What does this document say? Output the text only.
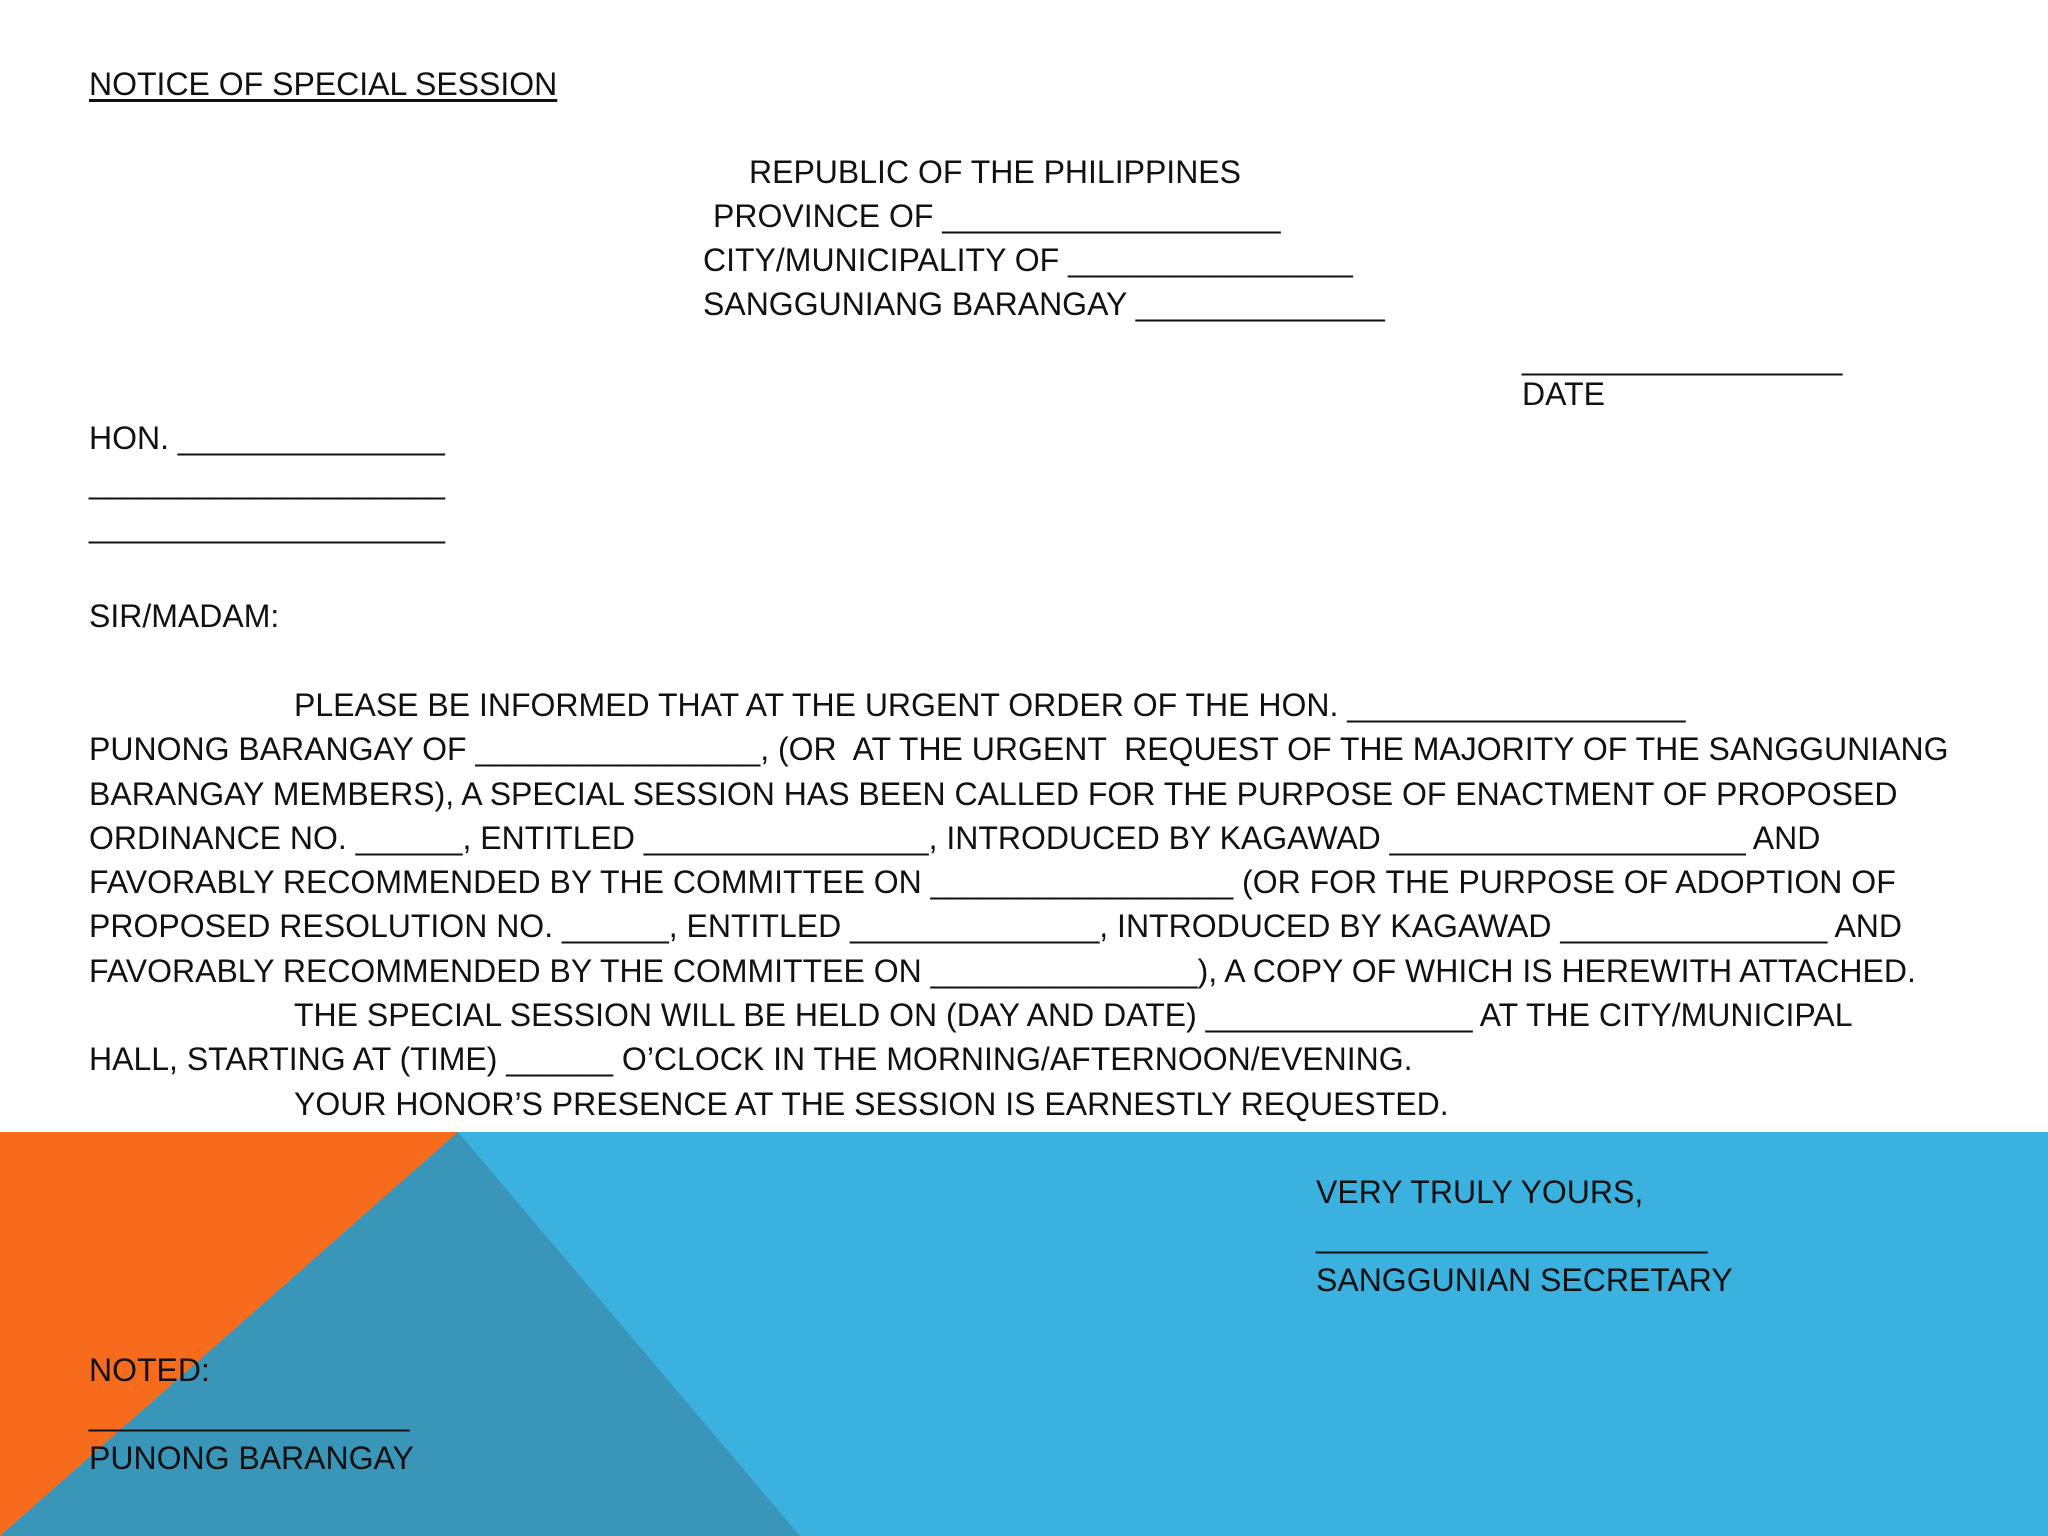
NOTICE OF SPECIAL SESSION
REPUBLIC OF THE PHILIPPINES
PROVINCE OF ___________________
CITY/MUNICIPALITY OF ________________
SANGGUNIANG BARANGAY ______________
__________________
DATE
HON. _______________
____________________
____________________
SIR/MADAM:
PLEASE BE INFORMED THAT AT THE URGENT ORDER OF THE HON. ___________________
PUNONG BARANGAY OF ________________, (OR  AT THE URGENT  REQUEST OF THE MAJORITY OF THE SANGGUNIANG
BARANGAY MEMBERS), A SPECIAL SESSION HAS BEEN CALLED FOR THE PURPOSE OF ENACTMENT OF PROPOSED
ORDINANCE NO. ______, ENTITLED ________________, INTRODUCED BY KAGAWAD ____________________ AND
FAVORABLY RECOMMENDED BY THE COMMITTEE ON _________________ (OR FOR THE PURPOSE OF ADOPTION OF
PROPOSED RESOLUTION NO. ______, ENTITLED ______________, INTRODUCED BY KAGAWAD _______________ AND
FAVORABLY RECOMMENDED BY THE COMMITTEE ON _______________), A COPY OF WHICH IS HEREWITH ATTACHED.
THE SPECIAL SESSION WILL BE HELD ON (DAY AND DATE) _______________ AT THE CITY/MUNICIPAL
HALL, STARTING AT (TIME) ______ O’CLOCK IN THE MORNING/AFTERNOON/EVENING.
YOUR HONOR’S PRESENCE AT THE SESSION IS EARNESTLY REQUESTED.
VERY TRULY YOURS,
______________________
SANGGUNIAN SECRETARY
NOTED:
__________________
PUNONG BARANGAY
